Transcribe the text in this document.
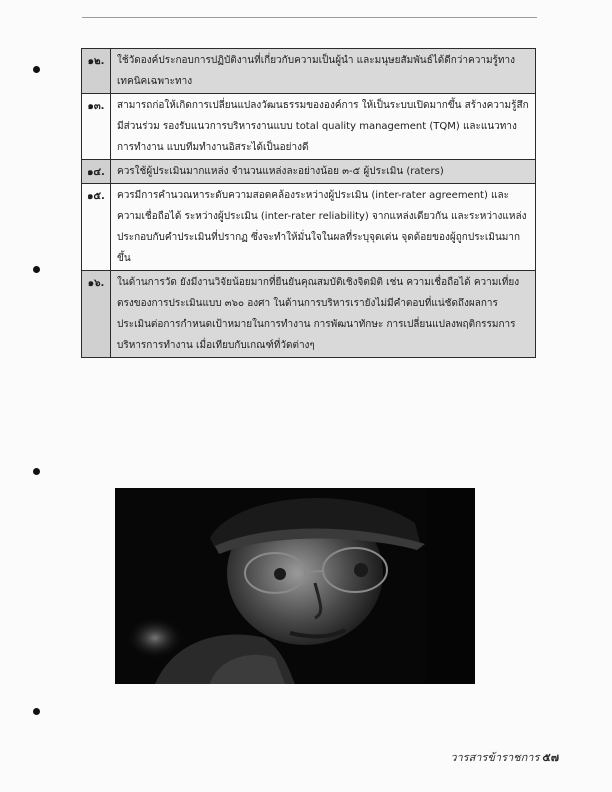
๑๒.	ใช้วัดองค์ประกอบการปฏิบัติงานที่เกี่ยวกับความเป็นผู้นำ และมนุษยสัมพันธ์ได้ดีกว่าความรู้ทางเทคนิคเฉพาะทาง
๑๓.	สามารถก่อให้เกิดการเปลี่ยนแปลงวัฒนธรรมขององค์การ ให้เป็นระบบเปิดมากขึ้น สร้างความรู้สึกมีส่วนร่วม รองรับแนวการบริหารงานแบบ total quality management (TQM) และแนวทางการทำงาน แบบทีมทำงานอิสระได้เป็นอย่างดี
๑๔.	ควรใช้ผู้ประเมินมากแหล่ง จำนวนแหล่งละอย่างน้อย ๓-๕ ผู้ประเมิน (raters)
๑๕.	ควรมีการคำนวณหาระดับความสอดคล้องระหว่างผู้ประเมิน (inter-rater agreement) และความเชื่อถือได้ ระหว่างผู้ประเมิน (inter-rater reliability) จากแหล่งเดียวกัน และระหว่างแหล่ง ประกอบกับคำประเมินที่ปรากฏ ซึ่งจะทำให้มั่นใจในผลที่ระบุจุดเด่น จุดด้อยของผู้ถูกประเมินมากขึ้น
๑๖.	ในด้านการวัด ยังมีงานวิจัยน้อยมากที่ยืนยันคุณสมบัติเชิงจิตมิติ เช่น ความเชื่อถือได้ ความเที่ยงตรงของการประเมินแบบ ๓๖๐ องศา ในด้านการบริหารเรายังไม่มีคำตอบที่แน่ชัดถึงผลการประเมินต่อการกำหนดเป้าหมายในการทำงาน การพัฒนาทักษะ การเปลี่ยนแปลงพฤติกรรมการบริหารการทำงาน เมื่อเทียบกับเกณฑ์ที่วัดต่างๆ
วารสารข้าราชการ ๕๗
